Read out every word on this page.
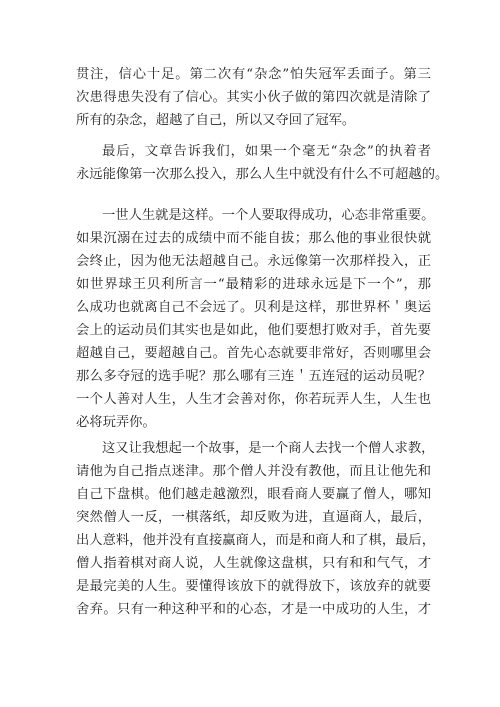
贯注，信心十足。第二次有“杂念”怕失冠军丢面子。第三
次患得患失没有了信心。其实小伙子做的第四次就是清除了
所有的杂念，超越了自己，所以又夺回了冠军。
最后，文章告诉我们，如果一个毫无“杂念”的执着者
永远能像第一次那么投入，那么人生中就没有什么不可超越的。
一世人生就是这样。一个人要取得成功，心态非常重要。
如果沉溺在过去的成绩中而不能自拔；那么他的事业很快就
会终止，因为他无法超越自己。永远像第一次那样投入，正
如世界球王贝利所言一“最精彩的进球永远是下一个”，那
么成功也就离自己不会远了。贝利是这样，那世界杯＇奥运
会上的运动员们其实也是如此，他们要想打败对手，首先要
超越自己，要超越自己。首先心态就要非常好，否则哪里会
那么多夺冠的选手呢？那么哪有三连＇五连冠的运动员呢？
一个人善对人生，人生才会善对你，你若玩弄人生，人生也
必将玩弄你。
这又让我想起一个故事，是一个商人去找一个僧人求教，
请他为自己指点迷津。那个僧人并没有教他，而且让他先和
自己下盘棋。他们越走越激烈，眼看商人要赢了僧人，哪知
突然僧人一反，一棋落纸，却反败为进，直逼商人，最后，
出人意料，他并没有直接赢商人，而是和商人和了棋，最后，
僧人指着棋对商人说，人生就像这盘棋，只有和和气气，才
是最完美的人生。要懂得该放下的就得放下，该放弃的就要
舍弃。只有一种这种平和的心态，才是一中成功的人生，才
